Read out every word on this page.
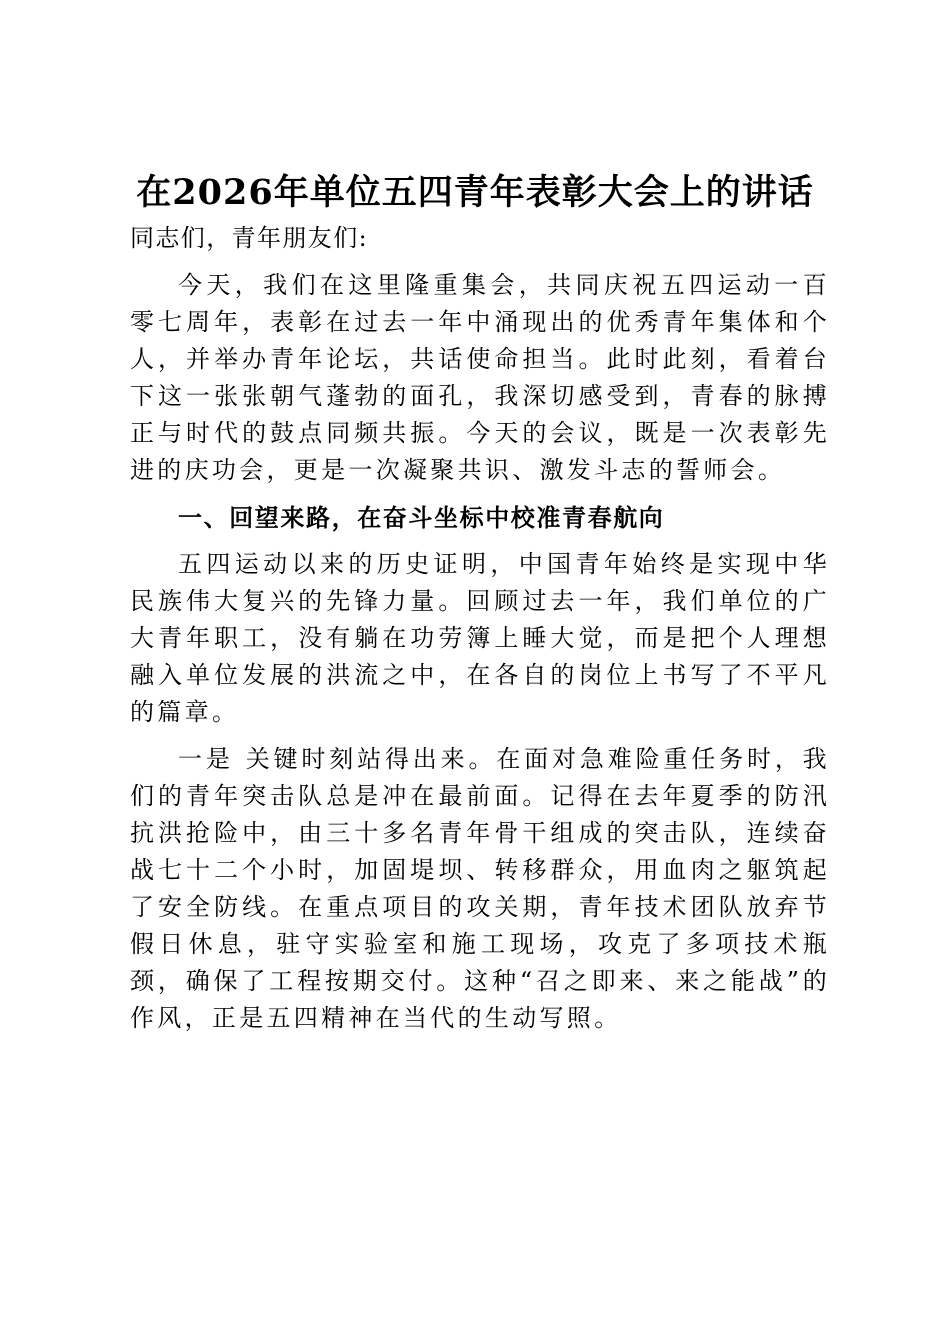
在2026年单位五四青年表彰大会上的讲话

同志们，青年朋友们:

今天，我们在这里隆重集会，共同庆祝五四运动一百零七周年，表彰在过去一年中涌现出的优秀青年集体和个人，并举办青年论坛，共话使命担当。此时此刻，看着台下这一张张朝气蓬勃的面孔，我深切感受到，青春的脉搏正与时代的鼓点同频共振。今天的会议，既是一次表彰先进的庆功会，更是一次凝聚共识、激发斗志的誓师会。

一、回望来路，在奋斗坐标中校准青春航向

五四运动以来的历史证明，中国青年始终是实现中华民族伟大复兴的先锋力量。回顾过去一年，我们单位的广大青年职工，没有躺在功劳簿上睡大觉，而是把个人理想融入单位发展的洪流之中，在各自的岗位上书写了不平凡的篇章。

一是 关键时刻站得出来。在面对急难险重任务时，我们的青年突击队总是冲在最前面。记得在去年夏季的防汛抗洪抢险中，由三十多名青年骨干组成的突击队，连续奋战七十二个小时，加固堤坝、转移群众，用血肉之躯筑起了安全防线。在重点项目的攻关期，青年技术团队放弃节假日休息，驻守实验室和施工现场，攻克了多项技术瓶颈，确保了工程按期交付。这种“召之即来、来之能战”的作风，正是五四精神在当代的生动写照。
